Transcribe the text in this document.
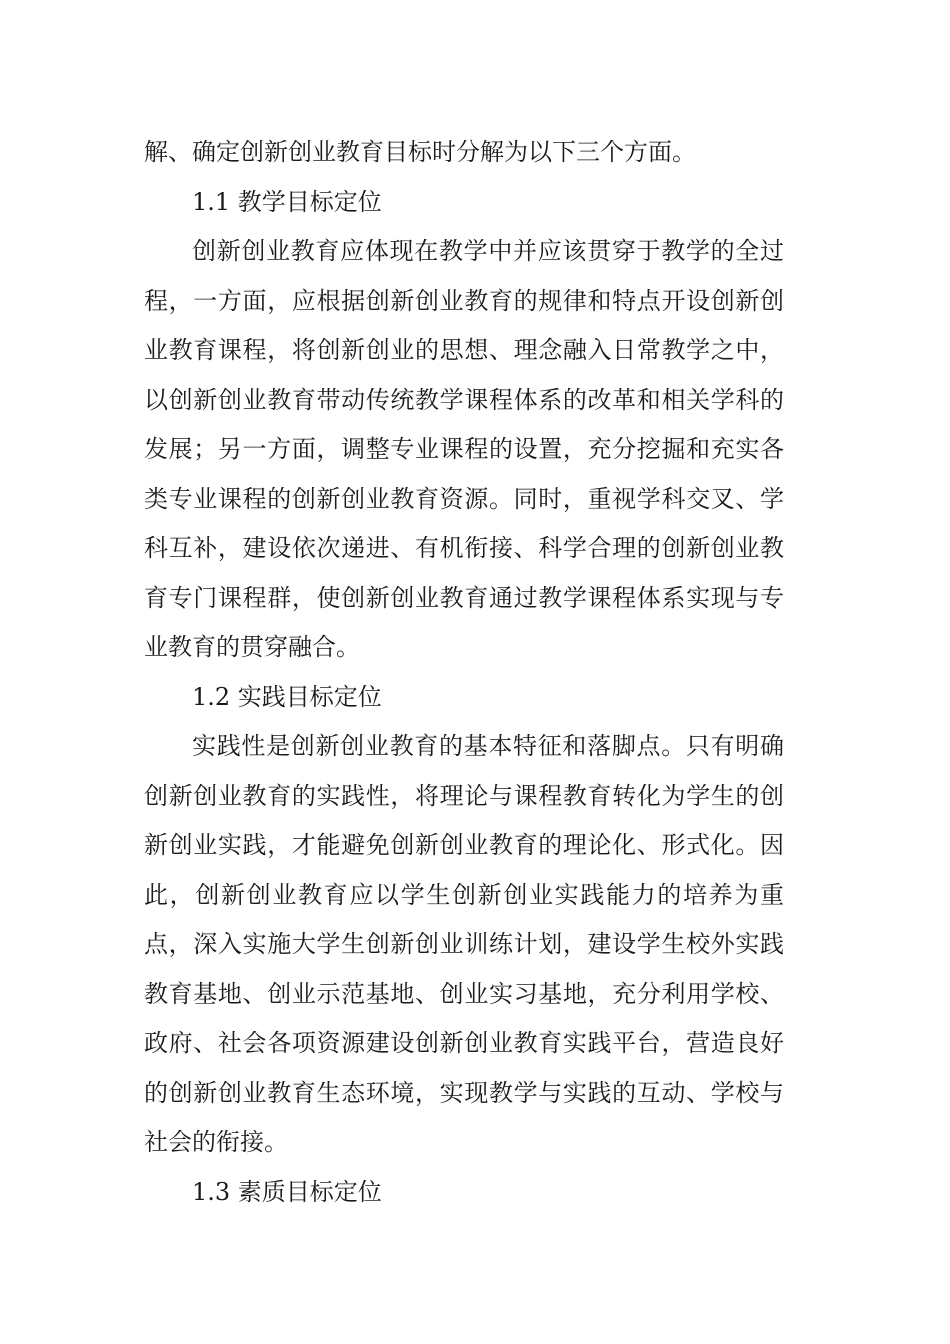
解、确定创新创业教育目标时分解为以下三个方面。

1.1 教学目标定位

创新创业教育应体现在教学中并应该贯穿于教学的全过程，一方面，应根据创新创业教育的规律和特点开设创新创业教育课程，将创新创业的思想、理念融入日常教学之中，以创新创业教育带动传统教学课程体系的改革和相关学科的发展；另一方面，调整专业课程的设置，充分挖掘和充实各类专业课程的创新创业教育资源。同时，重视学科交叉、学科互补，建设依次递进、有机衔接、科学合理的创新创业教育专门课程群，使创新创业教育通过教学课程体系实现与专业教育的贯穿融合。

1.2 实践目标定位

实践性是创新创业教育的基本特征和落脚点。只有明确创新创业教育的实践性，将理论与课程教育转化为学生的创新创业实践，才能避免创新创业教育的理论化、形式化。因此，创新创业教育应以学生创新创业实践能力的培养为重点，深入实施大学生创新创业训练计划，建设学生校外实践教育基地、创业示范基地、创业实习基地，充分利用学校、政府、社会各项资源建设创新创业教育实践平台，营造良好的创新创业教育生态环境，实现教学与实践的互动、学校与社会的衔接。

1.3 素质目标定位
